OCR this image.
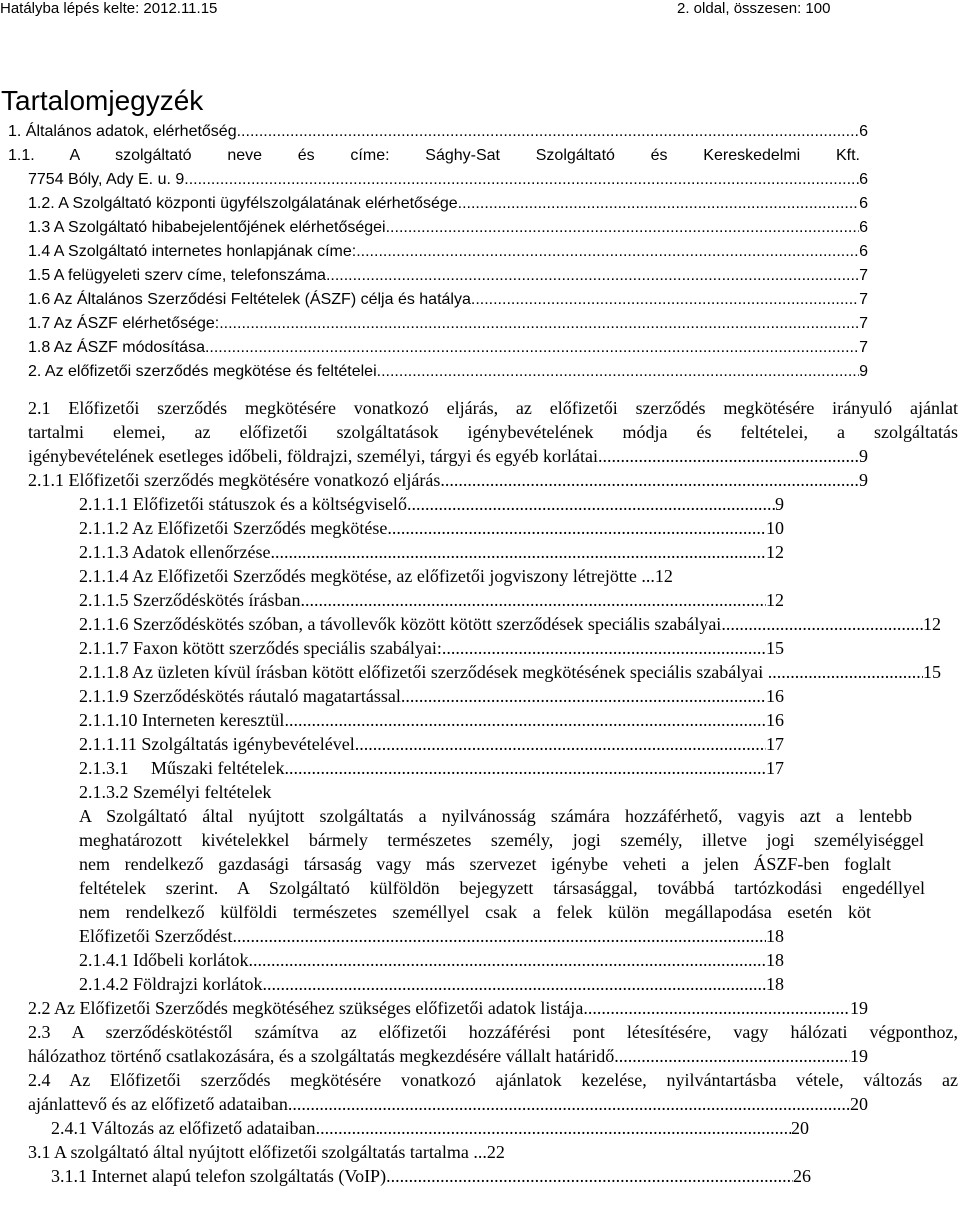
Hatályba lépés kelte: 2012.11.15	2. oldal, összesen: 100
Tartalomjegyzék
1. Általános adatok, elérhetőség .....	6
1.1. A szolgáltató neve és címe: Sághy-Sat Szolgáltató és Kereskedelmi Kft.
7754 Bóly, Ady E. u. 9. .....	6
1.2. A Szolgáltató központi ügyfélszolgálatának elérhetősége .....	6
1.3 A Szolgáltató hibabejelentőjének elérhetőségei .....	6
1.4 A Szolgáltató internetes honlapjának címe: .....	6
1.5 A felügyeleti szerv címe, telefonszáma .....	7
1.6 Az Általános Szerződési Feltételek (ÁSZF) célja és hatálya .....	7
1.7 Az ÁSZF elérhetősége: .....	7
1.8 Az ÁSZF módosítása .....	7
2. Az előfizetői szerződés megkötése és feltételei .....	9
2.1 Előfizetői szerződés megkötésére vonatkozó eljárás, az előfizetői szerződés megkötésére irányuló ajánlat
tartalmi elemei, az előfizetői szolgáltatások igénybevételének módja és feltételei, a szolgáltatás
igénybevételének esetleges időbeli, földrajzi, személyi, tárgyi és egyéb korlátai .....	9
2.1.1 Előfizetői szerződés megkötésére vonatkozó eljárás .....	9
2.1.1.1 Előfizetői státuszok és a költségviselő .....	9
2.1.1.2 Az Előfizetői Szerződés megkötése .....	10
2.1.1.3 Adatok ellenőrzése .....	12
2.1.1.4 Az Előfizetői Szerződés megkötése, az előfizetői jogviszony létrejötte ... 12
2.1.1.5 Szerződéskötés írásban .....	12
2.1.1.6 Szerződéskötés szóban, a távollevők között kötött szerződések speciális szabályai .....	12
2.1.1.7 Faxon kötött szerződés speciális szabályai: .....	15
2.1.1.8 Az üzleten kívül írásban kötött előfizetői szerződések megkötésének speciális szabályai . .....	15
2.1.1.9 Szerződéskötés ráutaló magatartással .....	16
2.1.1.10 Interneten keresztül .....	16
2.1.1.11 Szolgáltatás igénybevételével .....	17
2.1.3.1     Műszaki feltételek .....	17
2.1.3.2 Személyi feltételek
A Szolgáltató által nyújtott szolgáltatás a nyilvánosság számára hozzáférhető, vagyis azt a lentebb
meghatározott kivételekkel bármely természetes személy, jogi személy, illetve jogi személyiséggel
nem rendelkező gazdasági társaság vagy más szervezet igénybe veheti a jelen ÁSZF-ben foglalt
feltételek szerint. A Szolgáltató külföldön bejegyzett társasággal, továbbá tartózkodási engedéllyel
nem rendelkező külföldi természetes személlyel csak a felek külön megállapodása esetén köt
Előfizetői Szerződést .....	18
2.1.4.1 Időbeli korlátok .....	18
2.1.4.2 Földrajzi korlátok .....	18
2.2 Az Előfizetői Szerződés megkötéséhez szükséges előfizetői adatok listája .....	19
2.3 A szerződéskötéstől számítva az előfizetői hozzáférési pont létesítésére, vagy hálózati végponthoz,
hálózathoz történő csatlakozására, és a szolgáltatás megkezdésére vállalt határidő .....	19
2.4 Az Előfizetői szerződés megkötésére vonatkozó ajánlatok kezelése, nyilvántartásba vétele, változás az
ajánlattevő és az előfizető adataiban .....	20
2.4.1 Változás az előfizető adataiban .....	20
3.1 A szolgáltató által nyújtott előfizetői szolgáltatás tartalma ... 22
3.1.1 Internet alapú telefon szolgáltatás (VoIP) .....	26
